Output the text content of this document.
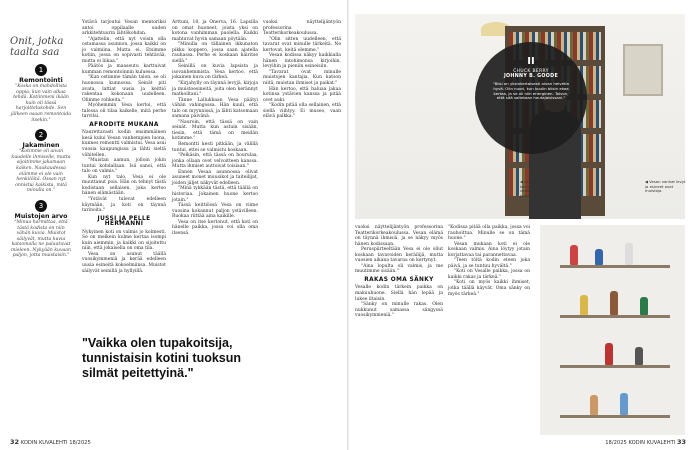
Onit, jotka taalta saa
1
Remontointi
"Koska on mahdollista oppia, kun vain alkaa tehdä. Kotiinmeni ikään kuin oli tässä harjoittelukohde. Sen jälkeen osaan remontoida itsekin."
2
Jakaminen
"Kotimme oli aivan kuudelle ihmiselle, mutta sijoitimme jakamaan kaiken. Naukaudessa elämme ei ole vain henkilöitä. Ossan nyt onnistui kaikista, mitä minulla on."
3
Muistojen arvo
"Minua harmittaa, että tästä kodista on niin vähän kuvia. Muistot säilyvät, mutta kuvia katsomalla ne palautuvat mieleen. Nykyään kuvaan paljon, jotta muistaisin."

Ystävä tarjoutui Vesan mentoriksi antoi oppilaalle uuden arkkitehtuurin lähtökohdan.

"Ajattelin, että nyt voisin olla ostamassa asunnon, jossa kaikki on jo valmiina. Mutta ei. Etsimme kotiin, jossa on sopivasti tehtävää, mutta ei liikaa."

Päätös ja maaseutu karttuivat kumman remontoinnin kuluessa.

"Kun ostimme tämän talon, se oli huonossa kunnossa. Seinät piti avata, lattiat uusia ja keittiö rakentaa kokonaan uudelleen. Olimme rohkeita."

Myöhemmin Vesa kertoi, että talossa oli tilaa kaikelle, mitä perhe tarvitsi.

AFRODITE MUKANA

Naurettavasti kodin ensimmäinen kesä kului Vesan vanhempien luona, kunnes remontti valmistui. Vesa asui vuosia kaupungissa ja lähti sieltä vähitellen.

"Muistan aamun, jolloin jokin tuntui kohdallaan. Isä sanoi, että talo on valmis."

Kun nyt talo, Vesa ei ole muuttanut pois. Hän on tehnyt tästä kodistaan sellaisen, joka kertoo hänen elämästään.

"Ystävät tulevat edelleen käymään, ja koti on täynnä tarinoita."

JUSSI JA PELLE HERMANNI

Nykyinen koti on valmis jo kolmesti. Se on melkein kolme kertaa isompi kuin aiemmin, ja kaikki on sijoitettu niin, että jokaisella on oma tila.

Vesa on asunut täällä vuosikymmeniä ja kerää edelleen uusia esineitä kokoelmiinsa. Muistot säilyvät seinillä ja hyllyillä.

Arttuni, 18, ja Onerva, 16. Lapsilla on omat huoneet, joista yksi on kotona vanhimman puolella. Kaikki mahtuvat hyvin samaan pöytään.

"Minulla on tällainen ikkunaton pikku koppero, jossa saan ajatella rauhassa. Perhe ei koskaan häiritse siellä."

Seinillä on kuvia lapsista ja isovanhemmista. Vesa kertoo, että jokainen kuva on tärkeä.

"Kirjahylly on täynnä levyjä, kirjoja ja muistoesineitä, joita olen kerännyt matkoiltani."

Tänne Lallukkaan Vesa päätyi vähän vahingossa. Hän kuuli, että talo on myynnissä, ja lähti katsomaan samana päivänä.

"Nauroin, että tässä on vain seinät. Mutta kun astuin sisään, tiesin, että tämä on meidän kotimme."

Remontti kesti pitkään, ja välillä tuntui, ettei se valmistu koskaan.

"Pelkäsin, että tässä on hourulaa, jonka ollaan ovet velvoitteen kanssa. Mutta ihmiset auttoivat toisiaan."

Ennen Vesaa asunnossa olivat asuneet monet muusikot ja taiteilijat, joiden jäljet näkyvät edelleen.

"Minä tykkään tästä, että täällä on historiaa. Jokainen huone kertoo jotain."

Tässä keittiössä Vesa on viime vuosina kokannut paljon ystävilleen. Ruokaa riittää aina kaikille.

Vesa on itse kertonut, että koti on hänelle paikka, jossa voi olla oma itsensä.

vuoksi näyttelijäntyön professorina Teatterikorkeakoulussa.

"Olin sitten uudelleen, että tavarat ovat minulle tärkeitä. Ne kertovat, keitä olemme."

Vesan kodissa näkyy kaikkialla hänen intohimonsa kirjoihin, levyihin ja pieniin esineisiin.

"Tavarat ovat minulle muistojen kantajia. Kun katson niitä, muistan ihmiset ja paikat."

Hän kertoo, että haluaa jakaa kotinsa ystävien kanssa ja pitää ovet auki.

"Kodin pitää olla sellainen, että siellä viihtyy. Ei museo, vaan elävä paikka."

"Vaikka olen tupakoitsija, tunnistaisin kotini tuoksun silmät peitettyinä."
II
CHUCK BERRY
JOHNNY B. GOODE
"Biisi on yksinkertaisesti aivan helvetin hyvä. Olin nuori, kun kuulin biisin ekaa kertaa, ja se oli niin energinen. Toivon, että sitä soitetaan hautajaisissani."
◀ Lallukassa kerrotaan Vesan valokuvista ja julisteista.

vuoksi näyttelijäntyön professorina Teatterikorkeakoulussa. Vesan elämä on täynnä ihmisiä, ja se näkyy myös hänen kodissaan.

Peruspiirteeltään Vesa ei ole ollut koskaan tavaroiden keräilijä, mutta vuosien aikana tavaraa on kertynyt.

"Aina lopulta oli valmis, ja me muutimme sisään."

RAKAS OMA SÄNKY

Vesalle kodin tärkein paikka on makuuhuone. Siellä hän lepää ja lukee iltaisin.

"Sänky on minulle rakas. Olen nukkunut samassa sängyssä vuosikymmeniä."

"Kodissa pitää olla paikka, jossa voi rauhoittua. Minulle se on tämä huone."

Vesan mukaan koti ei ole koskaan valmis. Aina löytyy jotain korjattavaa tai parannettavaa.

"Teen töitä kodin eteen joka päivä, ja se tuntuu hyvältä."

"Koti on Vesalle paikka, jossa on kaikki rakas ja tärkeä."

"Koti on myös kaikki ihmiset, jotka täällä käyvät. Oma sänky on myös tärkeä."

32 KODIN KUVALEHTI 18/2025	18/2025 KODIN KUVALEHTI 33
◀ Vesan vanhat levyt ja esineet ovat muistoja.
